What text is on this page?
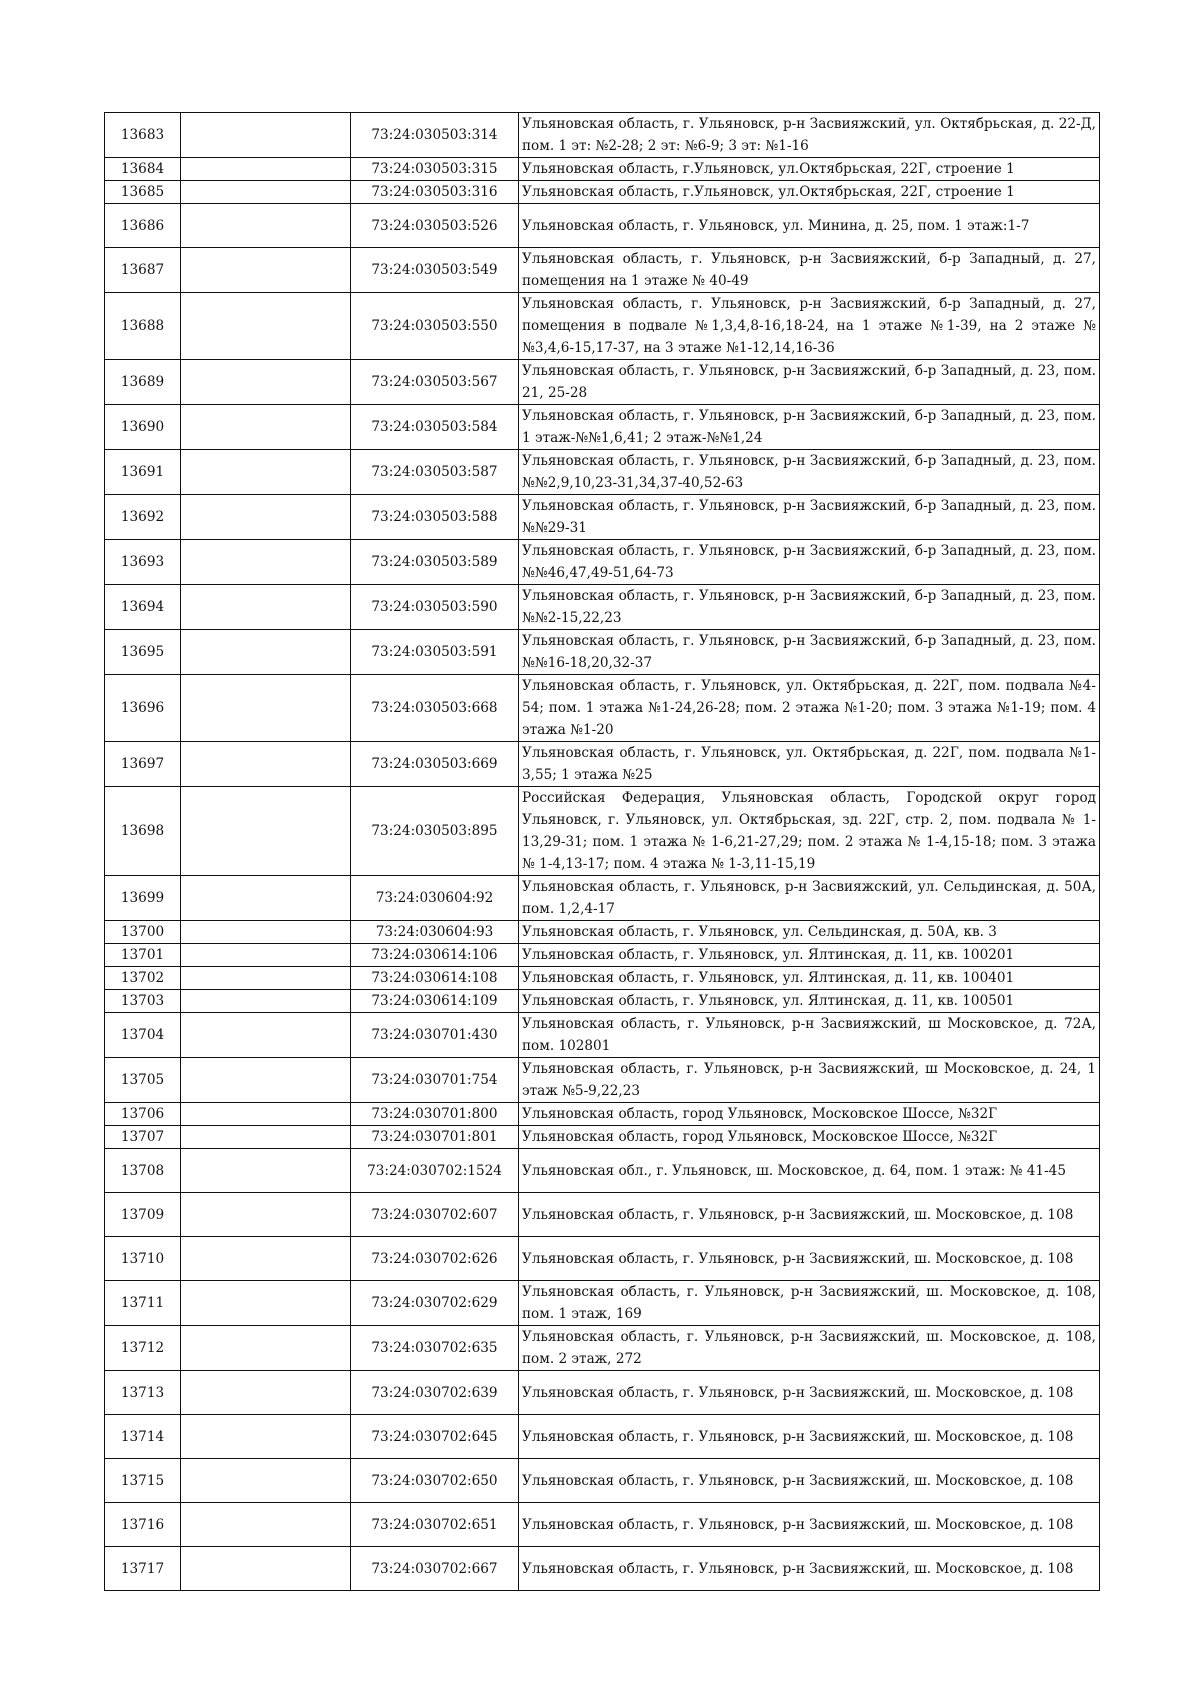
13683		73:24:030503:314	Ульяновская область, г. Ульяновск, р-н Засвияжский, ул. Октябрьская, д. 22-Д, пом. 1 эт: №2-28; 2 эт: №6-9; 3 эт: №1-16
13684		73:24:030503:315	Ульяновская область, г.Ульяновск, ул.Октябрьская, 22Г, строение 1
13685		73:24:030503:316	Ульяновская область, г.Ульяновск, ул.Октябрьская, 22Г, строение 1
13686		73:24:030503:526	Ульяновская область, г. Ульяновск, ул. Минина, д. 25, пом. 1 этаж:1-7
13687		73:24:030503:549	Ульяновская область, г. Ульяновск, р-н Засвияжский, б-р Западный, д. 27, помещения на 1 этаже № 40-49
13688		73:24:030503:550	Ульяновская область, г. Ульяновск, р-н Засвияжский, б-р Западный, д. 27, помещения в подвале №1,3,4,8-16,18-24, на 1 этаже №1-39, на 2 этаже №№3,4,6-15,17-37, на 3 этаже №1-12,14,16-36
13689		73:24:030503:567	Ульяновская область, г. Ульяновск, р-н Засвияжский, б-р Западный, д. 23, пом. 21, 25-28
13690		73:24:030503:584	Ульяновская область, г. Ульяновск, р-н Засвияжский, б-р Западный, д. 23, пом. 1 этаж-№№1,6,41; 2 этаж-№№1,24
13691		73:24:030503:587	Ульяновская область, г. Ульяновск, р-н Засвияжский, б-р Западный, д. 23, пом. №№2,9,10,23-31,34,37-40,52-63
13692		73:24:030503:588	Ульяновская область, г. Ульяновск, р-н Засвияжский, б-р Западный, д. 23, пом. №№29-31
13693		73:24:030503:589	Ульяновская область, г. Ульяновск, р-н Засвияжский, б-р Западный, д. 23, пом. №№46,47,49-51,64-73
13694		73:24:030503:590	Ульяновская область, г. Ульяновск, р-н Засвияжский, б-р Западный, д. 23, пом. №№2-15,22,23
13695		73:24:030503:591	Ульяновская область, г. Ульяновск, р-н Засвияжский, б-р Западный, д. 23, пом. №№16-18,20,32-37
13696		73:24:030503:668	Ульяновская область, г. Ульяновск, ул. Октябрьская, д. 22Г, пом. подвала №4-54; пом. 1 этажа №1-24,26-28; пом. 2 этажа №1-20; пом. 3 этажа №1-19; пом. 4 этажа №1-20
13697		73:24:030503:669	Ульяновская область, г. Ульяновск, ул. Октябрьская, д. 22Г, пом. подвала №1-3,55; 1 этажа №25
13698		73:24:030503:895	Российская Федерация, Ульяновская область, Городской округ город Ульяновск, г. Ульяновск, ул. Октябрьская, зд. 22Г, стр. 2, пом. подвала № 1-13,29-31; пом. 1 этажа № 1-6,21-27,29; пом. 2 этажа № 1-4,15-18; пом. 3 этажа № 1-4,13-17; пом. 4 этажа № 1-3,11-15,19
13699		73:24:030604:92	Ульяновская область, г. Ульяновск, р-н Засвияжский, ул. Сельдинская, д. 50А, пом. 1,2,4-17
13700		73:24:030604:93	Ульяновская область, г. Ульяновск, ул. Сельдинская, д. 50А, кв. 3
13701		73:24:030614:106	Ульяновская область, г. Ульяновск, ул. Ялтинская, д. 11, кв. 100201
13702		73:24:030614:108	Ульяновская область, г. Ульяновск, ул. Ялтинская, д. 11, кв. 100401
13703		73:24:030614:109	Ульяновская область, г. Ульяновск, ул. Ялтинская, д. 11, кв. 100501
13704		73:24:030701:430	Ульяновская область, г. Ульяновск, р-н Засвияжский, ш Московское, д. 72А, пом. 102801
13705		73:24:030701:754	Ульяновская область, г. Ульяновск, р-н Засвияжский, ш Московское, д. 24, 1 этаж №5-9,22,23
13706		73:24:030701:800	Ульяновская область, город Ульяновск, Московское Шоссе, №32Г
13707		73:24:030701:801	Ульяновская область, город Ульяновск, Московское Шоссе, №32Г
13708		73:24:030702:1524	Ульяновская обл., г. Ульяновск, ш. Московское, д. 64, пом. 1 этаж: № 41-45
13709		73:24:030702:607	Ульяновская область, г. Ульяновск, р-н Засвияжский, ш. Московское, д. 108
13710		73:24:030702:626	Ульяновская область, г. Ульяновск, р-н Засвияжский, ш. Московское, д. 108
13711		73:24:030702:629	Ульяновская область, г. Ульяновск, р-н Засвияжский, ш. Московское, д. 108, пом. 1 этаж, 169
13712		73:24:030702:635	Ульяновская область, г. Ульяновск, р-н Засвияжский, ш. Московское, д. 108, пом. 2 этаж, 272
13713		73:24:030702:639	Ульяновская область, г. Ульяновск, р-н Засвияжский, ш. Московское, д. 108
13714		73:24:030702:645	Ульяновская область, г. Ульяновск, р-н Засвияжский, ш. Московское, д. 108
13715		73:24:030702:650	Ульяновская область, г. Ульяновск, р-н Засвияжский, ш. Московское, д. 108
13716		73:24:030702:651	Ульяновская область, г. Ульяновск, р-н Засвияжский, ш. Московское, д. 108
13717		73:24:030702:667	Ульяновская область, г. Ульяновск, р-н Засвияжский, ш. Московское, д. 108
